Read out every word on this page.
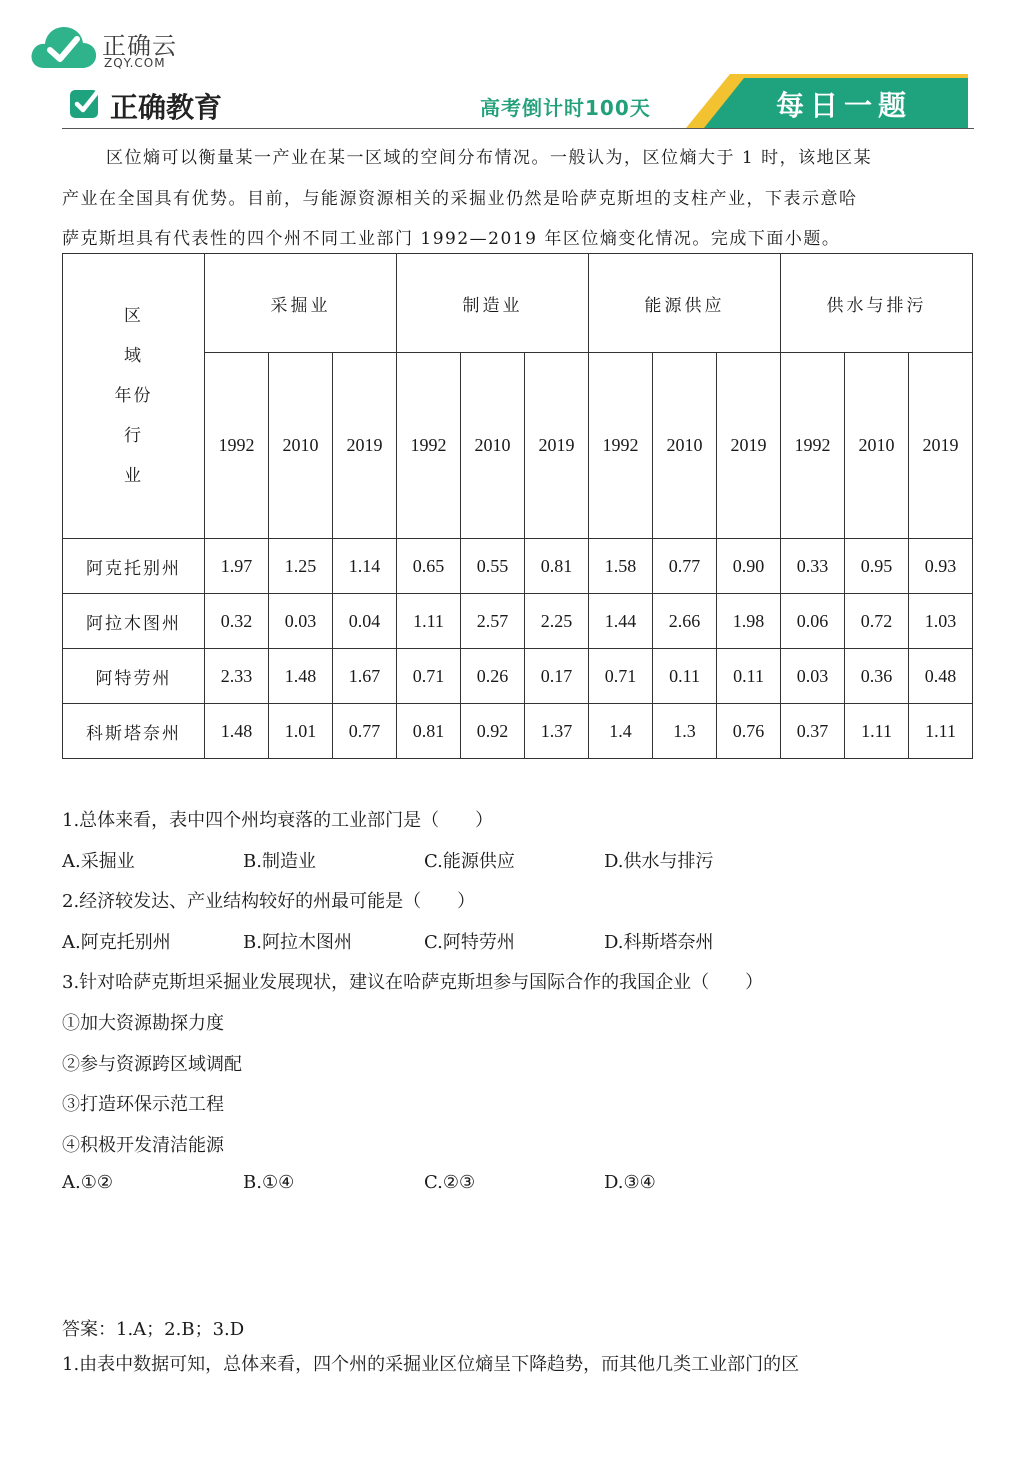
正确云
ZQY.COM
正确教育	高考倒计时100天	每日一题
区位熵可以衡量某一产业在某一区域的空间分布情况。一般认为，区位熵大于 1 时，该地区某
产业在全国具有优势。目前，与能源资源相关的采掘业仍然是哈萨克斯坦的支柱产业，下表示意哈
萨克斯坦具有代表性的四个州不同工业部门 1992—2019 年区位熵变化情况。完成下面小题。
区
域
年份
行
业	采掘业			制造业			能源供应			供水与排污		
	1992	2010	2019	1992	2010	2019	1992	2010	2019	1992	2010	2019
阿克托别州	1.97	1.25	1.14	0.65	0.55	0.81	1.58	0.77	0.90	0.33	0.95	0.93
阿拉木图州	0.32	0.03	0.04	1.11	2.57	2.25	1.44	2.66	1.98	0.06	0.72	1.03
阿特劳州	2.33	1.48	1.67	0.71	0.26	0.17	0.71	0.11	0.11	0.03	0.36	0.48
科斯塔奈州	1.48	1.01	0.77	0.81	0.92	1.37	1.4	1.3	0.76	0.37	1.11	1.11
1.总体来看，表中四个州均衰落的工业部门是（　　）
A.采掘业	B.制造业	C.能源供应	D.供水与排污
2.经济较发达、产业结构较好的州最可能是（　　）
A.阿克托别州	B.阿拉木图州	C.阿特劳州	D.科斯塔奈州
3.针对哈萨克斯坦采掘业发展现状，建议在哈萨克斯坦参与国际合作的我国企业（　　）
①加大资源勘探力度
②参与资源跨区域调配
③打造环保示范工程
④积极开发清洁能源
A.①②	B.①④	C.②③	D.③④
答案：1.A；2.B；3.D
1.由表中数据可知，总体来看，四个州的采掘业区位熵呈下降趋势，而其他几类工业部门的区
